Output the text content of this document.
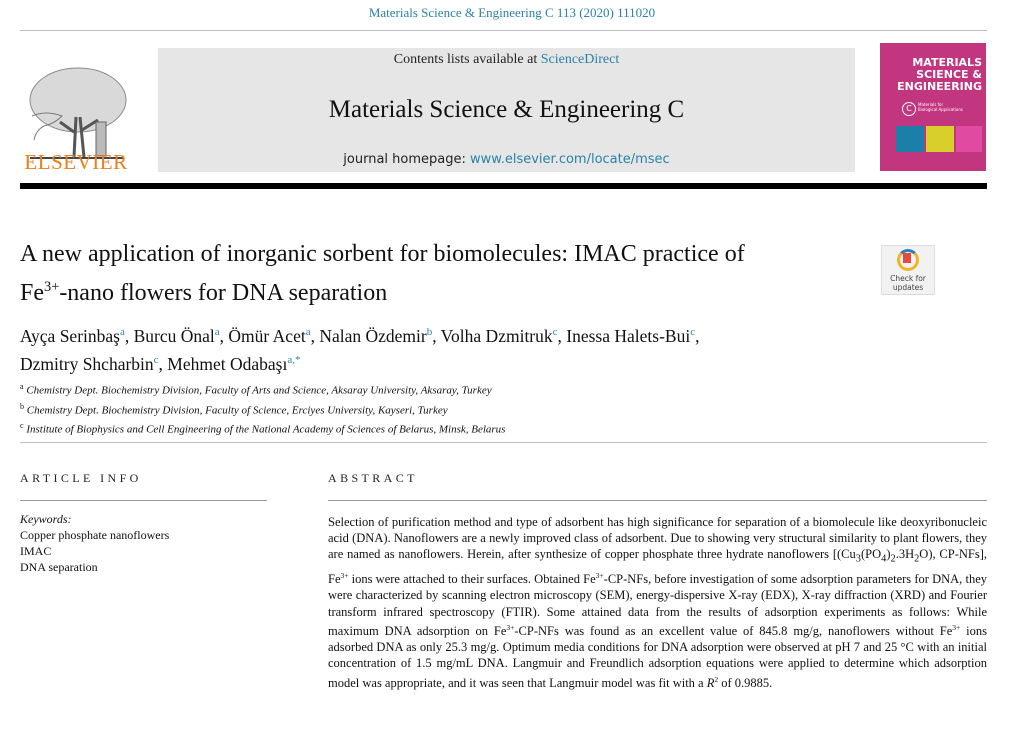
Materials Science & Engineering C 113 (2020) 111020
ELSEVIER
Contents lists available at ScienceDirect
Materials Science & Engineering C
journal homepage: www.elsevier.com/locate/msec
MATERIALS
SCIENCE &
ENGINEERING
C	Materials for
Biological Applications
A new application of inorganic sorbent for biomolecules: IMAC practice of
$Fe^{3+}$-nano flowers for DNA separation
Check for
updates
Ayça Serinbaş$^a$, Burcu Önal$^a$, Ömür Acet$^a$, Nalan Özdemir$^b$, Volha Dzmitruk$^c$, Inessa Halets-Bui$^c$,
Dzmitry Shcharbin$^c$, Mehmet Odabaşı$^{a,*}$
$^a$ Chemistry Dept. Biochemistry Division, Faculty of Arts and Science, Aksaray University, Aksaray, Turkey
$^b$ Chemistry Dept. Biochemistry Division, Faculty of Science, Erciyes University, Kayseri, Turkey
$^c$ Institute of Biophysics and Cell Engineering of the National Academy of Sciences of Belarus, Minsk, Belarus
ARTICLE INFO
Keywords:
Copper phosphate nanoflowers
IMAC
DNA separation
ABSTRACT
Selection of purification method and type of adsorbent has high significance for separation of a biomolecule like deoxyribonucleic acid (DNA). Nanoflowers are a newly improved class of adsorbent. Due to showing very structural similarity to plant flowers, they are named as nanoflowers. Herein, after synthesize of copper phosphate three hydrate nanoflowers [$(Cu_3(PO_4)_2.3H_2O)$, CP-NFs], $Fe^{3+}$ ions were attached to their surfaces. Obtained $Fe^{3+}-CP$-NFs, before investigation of some adsorption parameters for DNA, they were characterized by scanning electron microscopy (SEM), energy-dispersive X-ray (EDX), X-ray diffraction (XRD) and Fourier transform infrared spectroscopy (FTIR). Some attained data from the results of adsorption experiments as follows: While maximum DNA adsorption on $Fe^{3+}-CP$-NFs was found as an excellent value of 845.8 mg/g, nanoflowers without $Fe^{3+}$ ions adsorbed DNA as only 25.3 mg/g. Optimum media conditions for DNA adsorption were observed at pH 7 and 25 °C with an initial concentration of 1.5 mg/mL DNA. Langmuir and Freundlich adsorption equations were applied to determine which adsorption model was appropriate, and it was seen that Langmuir model was fit with a $R^2$ of 0.9885.
